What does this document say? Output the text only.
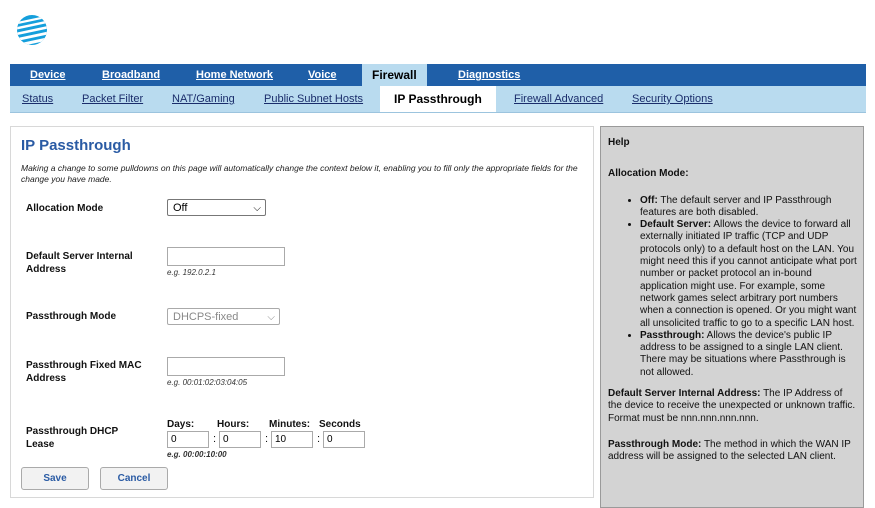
Device	Broadband	Home Network	Voice	Firewall	Diagnostics
Status	Packet Filter	NAT/Gaming	Public Subnet Hosts	IP Passthrough	Firewall Advanced	Security Options
IP Passthrough
Making a change to some pulldowns on this page will automatically change the context below it, enabling you to fill only the appropriate fields for the change you have made.
Allocation Mode	Off	⌵
Default Server Internal Address	e.g. 192.0.2.1
Passthrough Mode	DHCPS-fixed	⌵
Passthrough Fixed MAC Address	e.g. 00:01:02:03:04:05
Passthrough DHCP Lease
Days: Hours: Minutes: Seconds
0	: 0	: 10	: 0
e.g. 00:00:10:00
Save	Cancel
Help
Allocation Mode:
• Off: The default server and IP Passthrough features are both disabled.
• Default Server: Allows the device to forward all externally initiated IP traffic (TCP and UDP protocols only) to a default host on the LAN. You might need this if you cannot anticipate what port number or packet protocol an in-bound application might use. For example, some network games select arbitrary port numbers when a connection is opened. Or you might want all unsolicited traffic to go to a specific LAN host.
• Passthrough: Allows the device's public IP address to be assigned to a single LAN client. There may be situations where Passthrough is not allowed.

Default Server Internal Address: The IP Address of the device to receive the unexpected or unknown traffic. Format must be nnn.nnn.nnn.nnn.

Passthrough Mode: The method in which the WAN IP address will be assigned to the selected LAN client.
